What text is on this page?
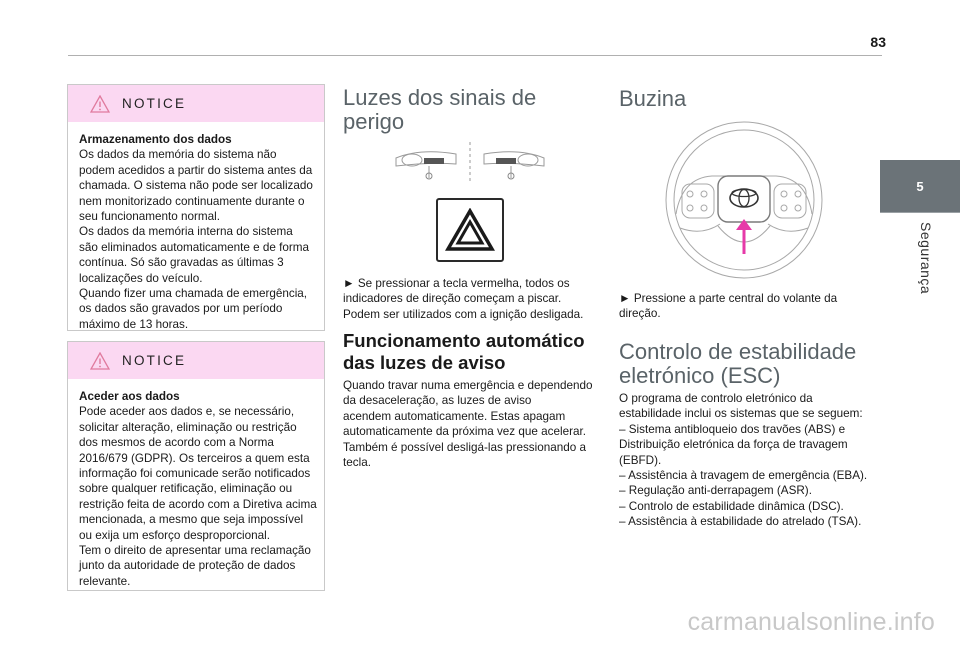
83
5
Segurança
NOTICE

Armazenamento dos dados

Os dados da memória do sistema não

podem acedidos a partir do sistema antes da

chamada. O sistema não pode ser localizado

nem monitorizado continuamente durante o

seu funcionamento normal.

Os dados da memória interna do sistema

são eliminados automaticamente e de forma

contínua. Só são gravadas as últimas 3

localizações do veículo.

Quando fizer uma chamada de emergência,

os dados são gravados por um período

máximo de 13 horas.

NOTICE

Aceder aos dados

Pode aceder aos dados e, se necessário,

solicitar alteração, eliminação ou restrição

dos mesmos de acordo com a Norma

2016/679 (GDPR). Os terceiros a quem esta

informação foi comunicade serão notificados

sobre qualquer retificação, eliminação ou

restrição feita de acordo com a Diretiva acima

mencionada, a mesmo que seja impossível

ou exija um esforço desproporcional.

Tem o direito de apresentar uma reclamação

junto da autoridade de proteção de dados

relevante.

Luzes dos sinais de
perigo

► Se pressionar a tecla vermelha, todos os

indicadores de direção começam a piscar.

Podem ser utilizados com a ignição desligada.

Funcionamento automático
das luzes de aviso

Quando travar numa emergência e dependendo

da desaceleração, as luzes de aviso

acendem automaticamente. Estas apagam

automaticamente da próxima vez que acelerar.

Também é possível desligá-las pressionando a

tecla.

Buzina

► Pressione a parte central do volante da

direção.

Controlo de estabilidade
eletrónico (ESC)

O programa de controlo eletrónico da

estabilidade inclui os sistemas que se seguem:

– Sistema antibloqueio dos travões (ABS) e

Distribuição eletrónica da força de travagem

(EBFD).

– Assistência à travagem de emergência (EBA).

– Regulação anti-derrapagem (ASR).

– Controlo de estabilidade dinâmica (DSC).

– Assistência à estabilidade do atrelado (TSA).

carmanualsonline.info
